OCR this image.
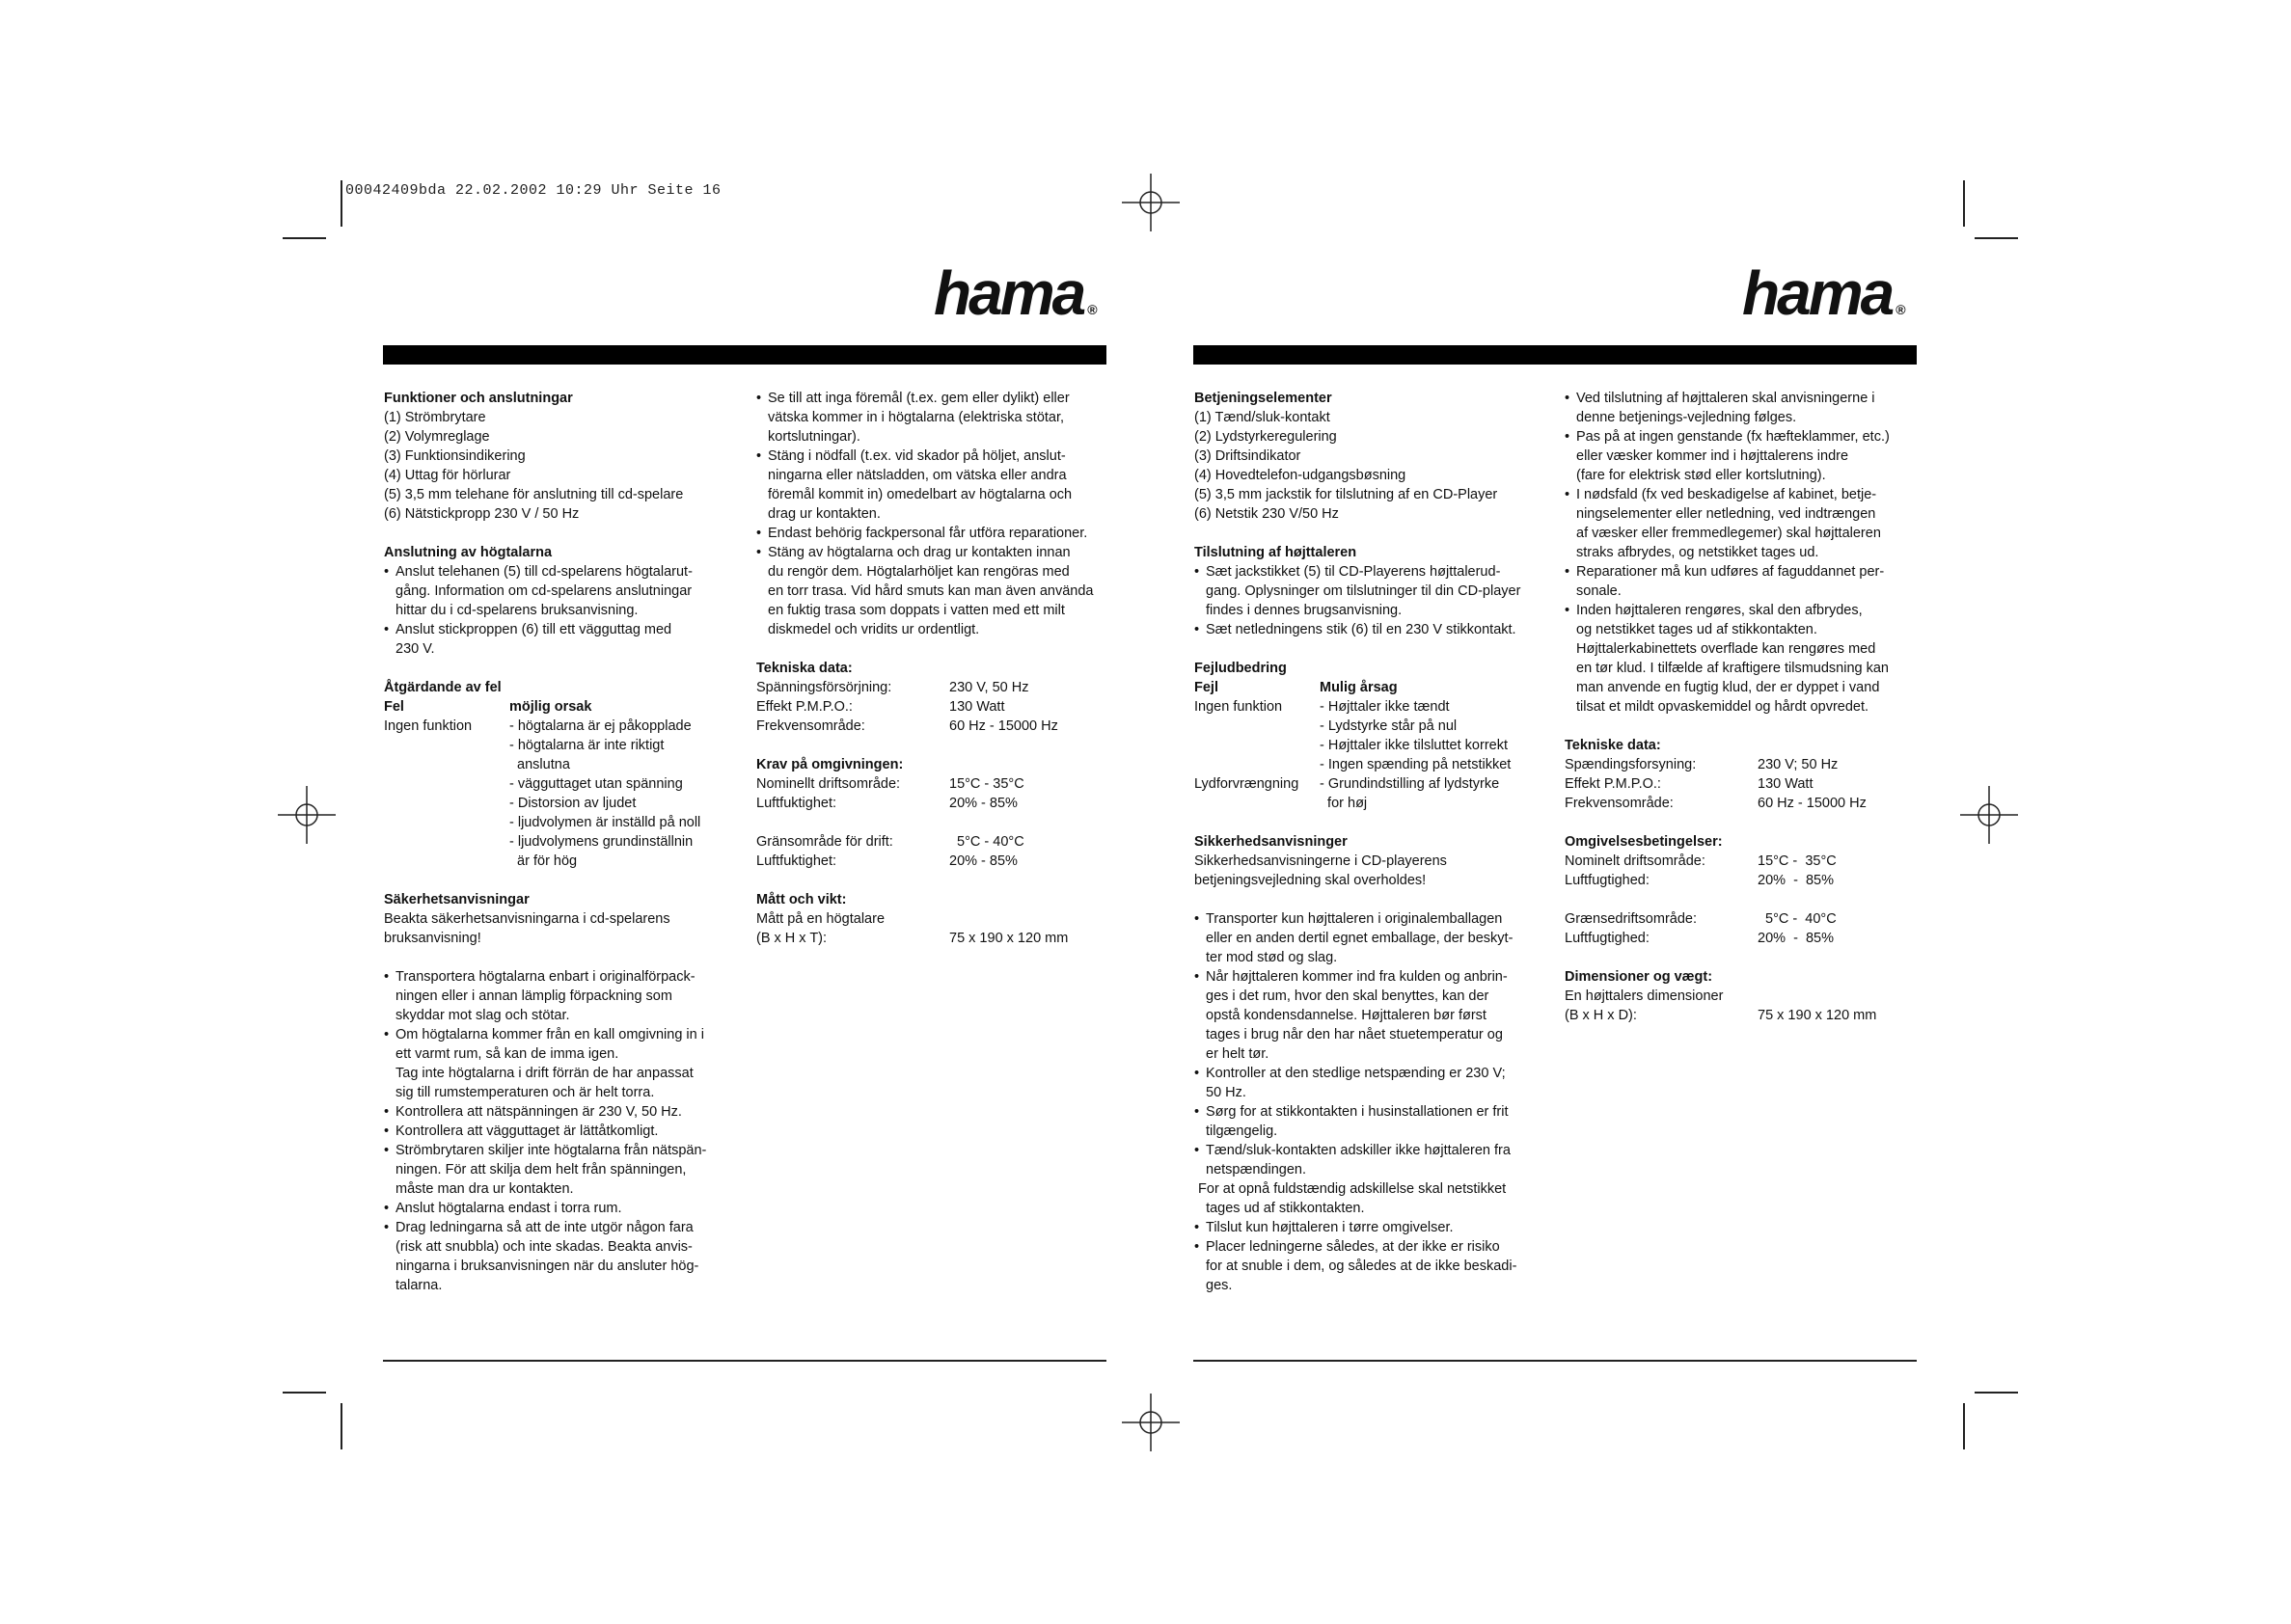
00042409bda 22.02.2002 10:29 Uhr Seite 16
hama ®	hama ®

Funktioner och anslutningar

(1) Strömbrytare

(2) Volymreglage

(3) Funktionsindikering

(4) Uttag för hörlurar

(5) 3,5 mm telehane för anslutning till cd-spelare

(6) Nätstickpropp 230 V / 50 Hz

Anslutning av högtalarna

• Anslut telehanen (5) till cd-spelarens högtalarut-
gång. Information om cd-spelarens anslutningar
hittar du i cd-spelarens bruksanvisning.
• Anslut stickproppen (6) till ett vägguttag med
230 V.

Åtgärdande av fel

Fel	möjlig orsak
Ingen funktion	- högtalarna är ej påkopplade
- högtalarna är inte riktigt
anslutna
- vägguttaget utan spänning
- Distorsion av ljudet
- ljudvolymen är inställd på noll
- ljudvolymens grundinställnin
är för hög

Säkerhetsanvisningar

Beakta säkerhetsanvisningarna i cd-spelarens

bruksanvisning!

• Transportera högtalarna enbart i originalförpack-
ningen eller i annan lämplig förpackning som
skyddar mot slag och stötar.
• Om högtalarna kommer från en kall omgivning in i
ett varmt rum, så kan de imma igen.
Tag inte högtalarna i drift förrän de har anpassat
sig till rumstemperaturen och är helt torra.
• Kontrollera att nätspänningen är 230 V, 50 Hz.
• Kontrollera att vägguttaget är lättåtkomligt.
• Strömbrytaren skiljer inte högtalarna från nätspän-
ningen. För att skilja dem helt från spänningen,
måste man dra ur kontakten.
• Anslut högtalarna endast i torra rum.
• Drag ledningarna så att de inte utgör någon fara
(risk att snubbla) och inte skadas. Beakta anvis-
ningarna i bruksanvisningen när du ansluter hög-
talarna.
• Se till att inga föremål (t.ex. gem eller dylikt) eller
vätska kommer in i högtalarna (elektriska stötar,
kortslutningar).
• Stäng i nödfall (t.ex. vid skador på höljet, anslut-
ningarna eller nätsladden, om vätska eller andra
föremål kommit in) omedelbart av högtalarna och
drag ur kontakten.
• Endast behörig fackpersonal får utföra reparationer.
• Stäng av högtalarna och drag ur kontakten innan
du rengör dem. Högtalarhöljet kan rengöras med
en torr trasa. Vid hård smuts kan man även använda
en fuktig trasa som doppats i vatten med ett milt
diskmedel och vridits ur ordentligt.

Tekniska data:

Spänningsförsörjning:	230 V, 50 Hz
Effekt P.M.P.O.:	130 Watt
Frekvensområde:	60 Hz - 15000 Hz

Krav på omgivningen:

Nominellt driftsområde:	15°C - 35°C
Luftfuktighet:	20% - 85%
Gränsområde för drift:	5°C - 40°C
Luftfuktighet:	20% - 85%

Mått och vikt:

Mått på en högtalare

(B x H x T):	75 x 190 x 120 mm

Betjeningselementer

(1) Tænd/sluk-kontakt

(2) Lydstyrkeregulering

(3) Driftsindikator

(4) Hovedtelefon-udgangsbøsning

(5) 3,5 mm jackstik for tilslutning af en CD-Player

(6) Netstik 230 V/50 Hz

Tilslutning af højttaleren

• Sæt jackstikket (5) til CD-Playerens højttalerud-
gang. Oplysninger om tilslutninger til din CD-player
findes i dennes brugsanvisning.
• Sæt netledningens stik (6) til en 230 V stikkontakt.

Fejludbedring

Fejl	Mulig årsag
Ingen funktion	- Højttaler ikke tændt
- Lydstyrke står på nul
- Højttaler ikke tilsluttet korrekt
- Ingen spænding på netstikket
Lydforvrængning	- Grundindstilling af lydstyrke
for høj

Sikkerhedsanvisninger

Sikkerhedsanvisningerne i CD-playerens

betjeningsvejledning skal overholdes!

• Transporter kun højttaleren i originalemballagen
eller en anden dertil egnet emballage, der beskyt-
ter mod stød og slag.
• Når højttaleren kommer ind fra kulden og anbrin-
ges i det rum, hvor den skal benyttes, kan der
opstå kondensdannelse. Højttaleren bør først
tages i brug når den har nået stuetemperatur og
er helt tør.
• Kontroller at den stedlige netspænding er 230 V;
50 Hz.
• Sørg for at stikkontakten i husinstallationen er frit
tilgængelig.
• Tænd/sluk-kontakten adskiller ikke højttaleren fra
netspændingen.

For at opnå fuldstændig adskillelse skal netstikket

tages ud af stikkontakten.

• Tilslut kun højttaleren i tørre omgivelser.
• Placer ledningerne således, at der ikke er risiko
for at snuble i dem, og således at de ikke beskadi-
ges.
• Ved tilslutning af højttaleren skal anvisningerne i
denne betjenings-vejledning følges.
• Pas på at ingen genstande (fx hæfteklammer, etc.)
eller væsker kommer ind i højttalerens indre
(fare for elektrisk stød eller kortslutning).
• I nødsfald (fx ved beskadigelse af kabinet, betje-
ningselementer eller netledning, ved indtrængen
af væsker eller fremmedlegemer) skal højttaleren
straks afbrydes, og netstikket tages ud.
• Reparationer må kun udføres af faguddannet per-
sonale.
• Inden højttaleren rengøres, skal den afbrydes,
og netstikket tages ud af stikkontakten.
Højttalerkabinettets overflade kan rengøres med
en tør klud. I tilfælde af kraftigere tilsmudsning kan
man anvende en fugtig klud, der er dyppet i vand
tilsat et mildt opvaskemiddel og hårdt opvredet.

Tekniske data:

Spændingsforsyning:	230 V; 50 Hz
Effekt P.M.P.O.:	130 Watt
Frekvensområde:	60 Hz - 15000 Hz

Omgivelsesbetingelser:

Nominelt driftsområde:	15°C -  35°C
Luftfugtighed:	20%  -  85%
Grænsedriftsområde:	5°C -  40°C
Luftfugtighed:	20%  -  85%

Dimensioner og vægt:

En højttalers dimensioner

(B x H x D):	75 x 190 x 120 mm
